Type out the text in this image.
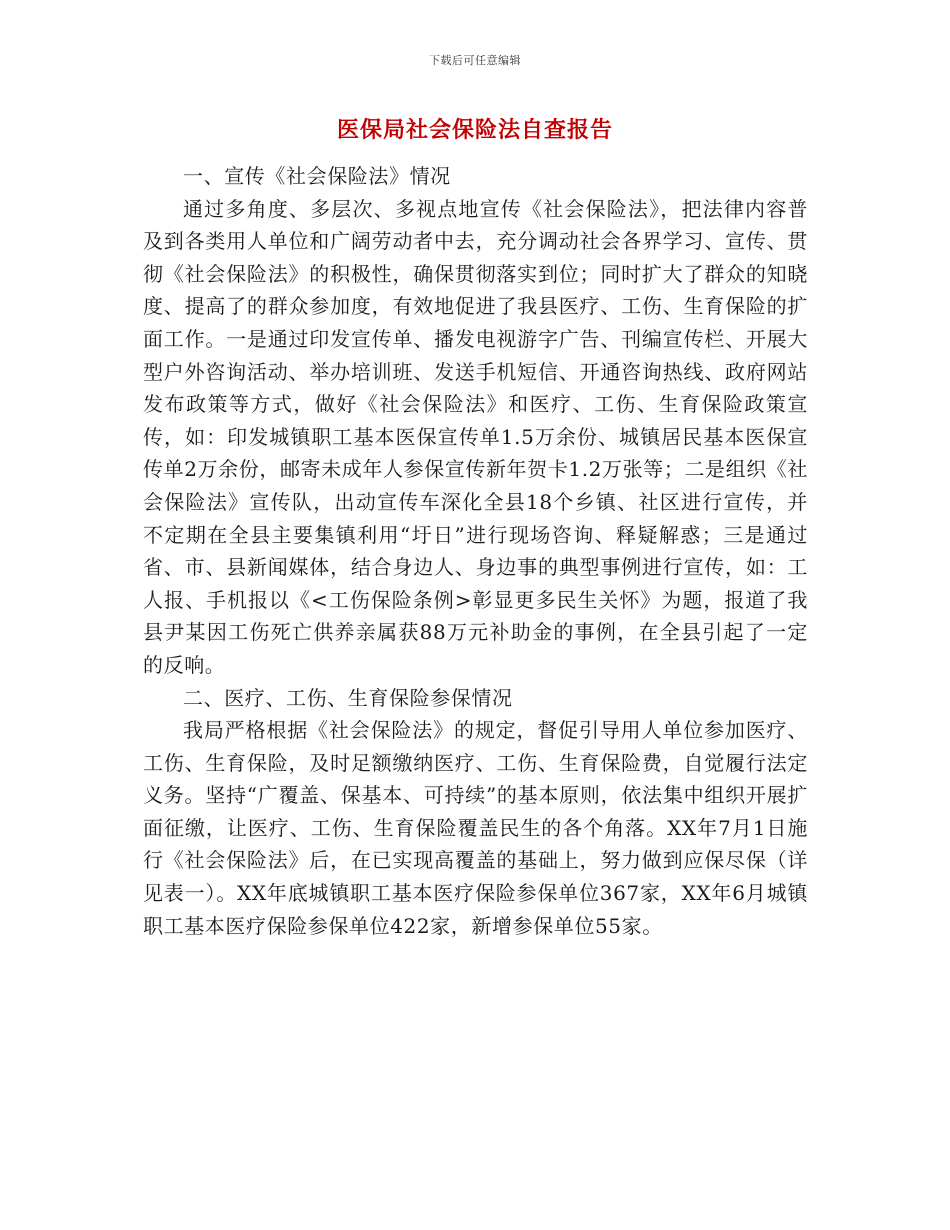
下载后可任意编辑
医保局社会保险法自查报告

一、宣传《社会保险法》情况

通过多角度、多层次、多视点地宣传《社会保险法》，把法律内容普及到各类用人单位和广阔劳动者中去，充分调动社会各界学习、宣传、贯彻《社会保险法》的积极性，确保贯彻落实到位；同时扩大了群众的知晓度、提高了的群众参加度，有效地促进了我县医疗、工伤、生育保险的扩面工作。一是通过印发宣传单、播发电视游字广告、刊编宣传栏、开展大型户外咨询活动、举办培训班、发送手机短信、开通咨询热线、政府网站发布政策等方式，做好《社会保险法》和医疗、工伤、生育保险政策宣传，如：印发城镇职工基本医保宣传单1.5万余份、城镇居民基本医保宣传单2万余份，邮寄未成年人参保宣传新年贺卡1.2万张等；二是组织《社会保险法》宣传队，出动宣传车深化全县18个乡镇、社区进行宣传，并不定期在全县主要集镇利用“圩日”进行现场咨询、释疑解惑；三是通过省、市、县新闻媒体，结合身边人、身边事的典型事例进行宣传，如：工人报、手机报以《<工伤保险条例>彰显更多民生关怀》为题，报道了我县尹某因工伤死亡供养亲属获88万元补助金的事例，在全县引起了一定的反响。

二、医疗、工伤、生育保险参保情况

我局严格根据《社会保险法》的规定，督促引导用人单位参加医疗、工伤、生育保险，及时足额缴纳医疗、工伤、生育保险费，自觉履行法定义务。坚持“广覆盖、保基本、可持续”的基本原则，依法集中组织开展扩面征缴，让医疗、工伤、生育保险覆盖民生的各个角落。XX年7月1日施行《社会保险法》后，在已实现高覆盖的基础上，努力做到应保尽保（详见表一）。XX年底城镇职工基本医疗保险参保单位367家，XX年6月城镇职工基本医疗保险参保单位422家，新增参保单位55家。
